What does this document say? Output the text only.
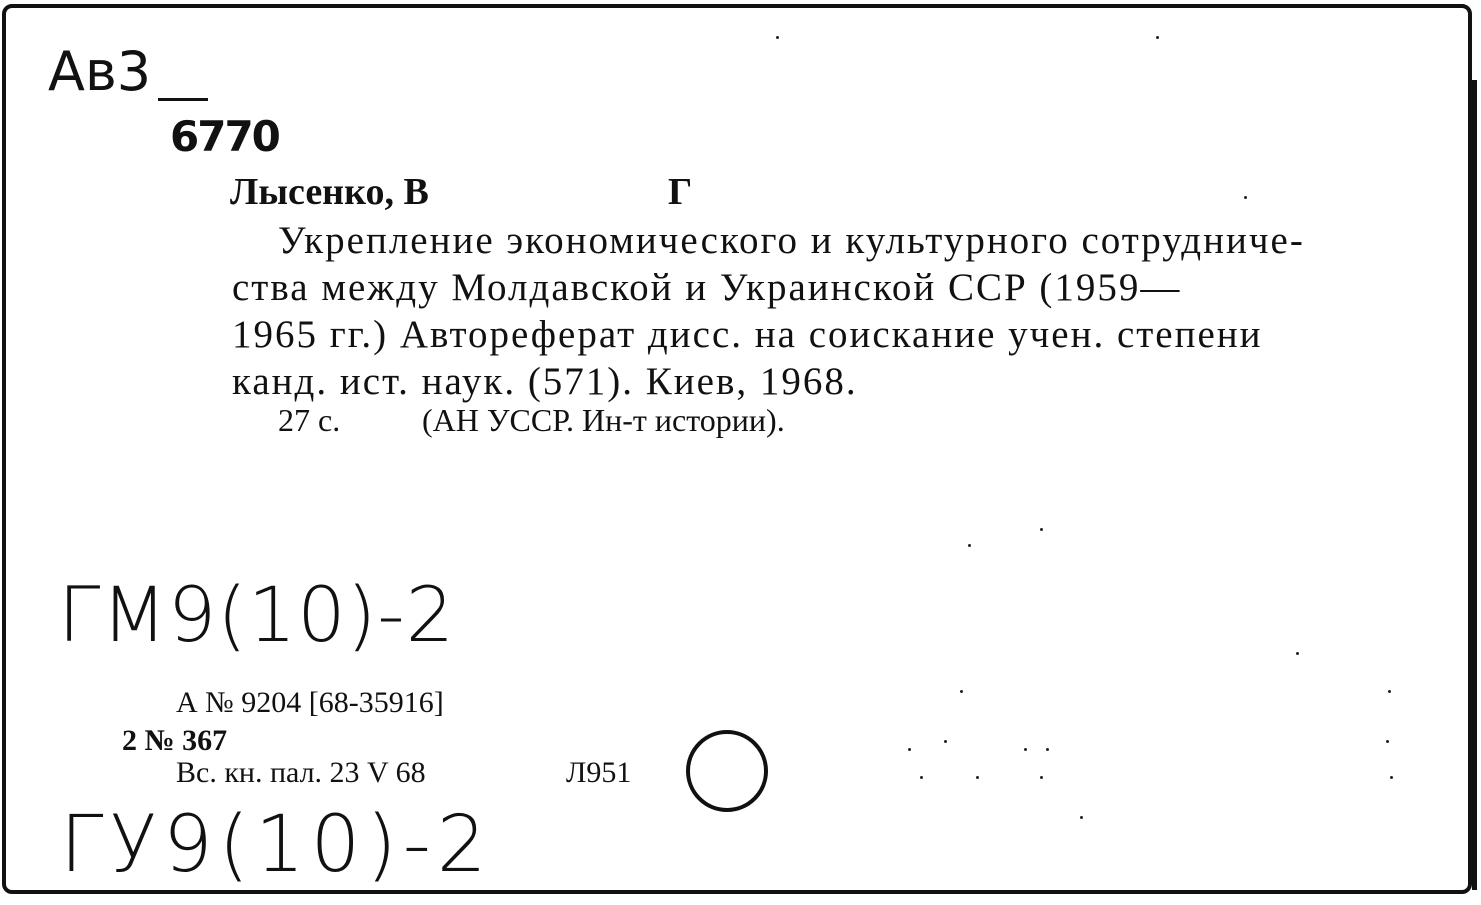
Ав3
6770
Лысенко, В	Г
Укрепление экономического и культурного сотрудниче-
ства между Молдавской и Украинской ССР (1959—
1965 гг.) Автореферат дисс. на соискание учен. степени
канд. ист. наук. (571). Киев, 1968.
27 с.	(АН УССР. Ин-т истории).
ГМ9(10)-2
А № 9204 [68-35916]
2 № 367
Вс. кн. пал. 23 V 68	Л951
ГУ9(10)-2
